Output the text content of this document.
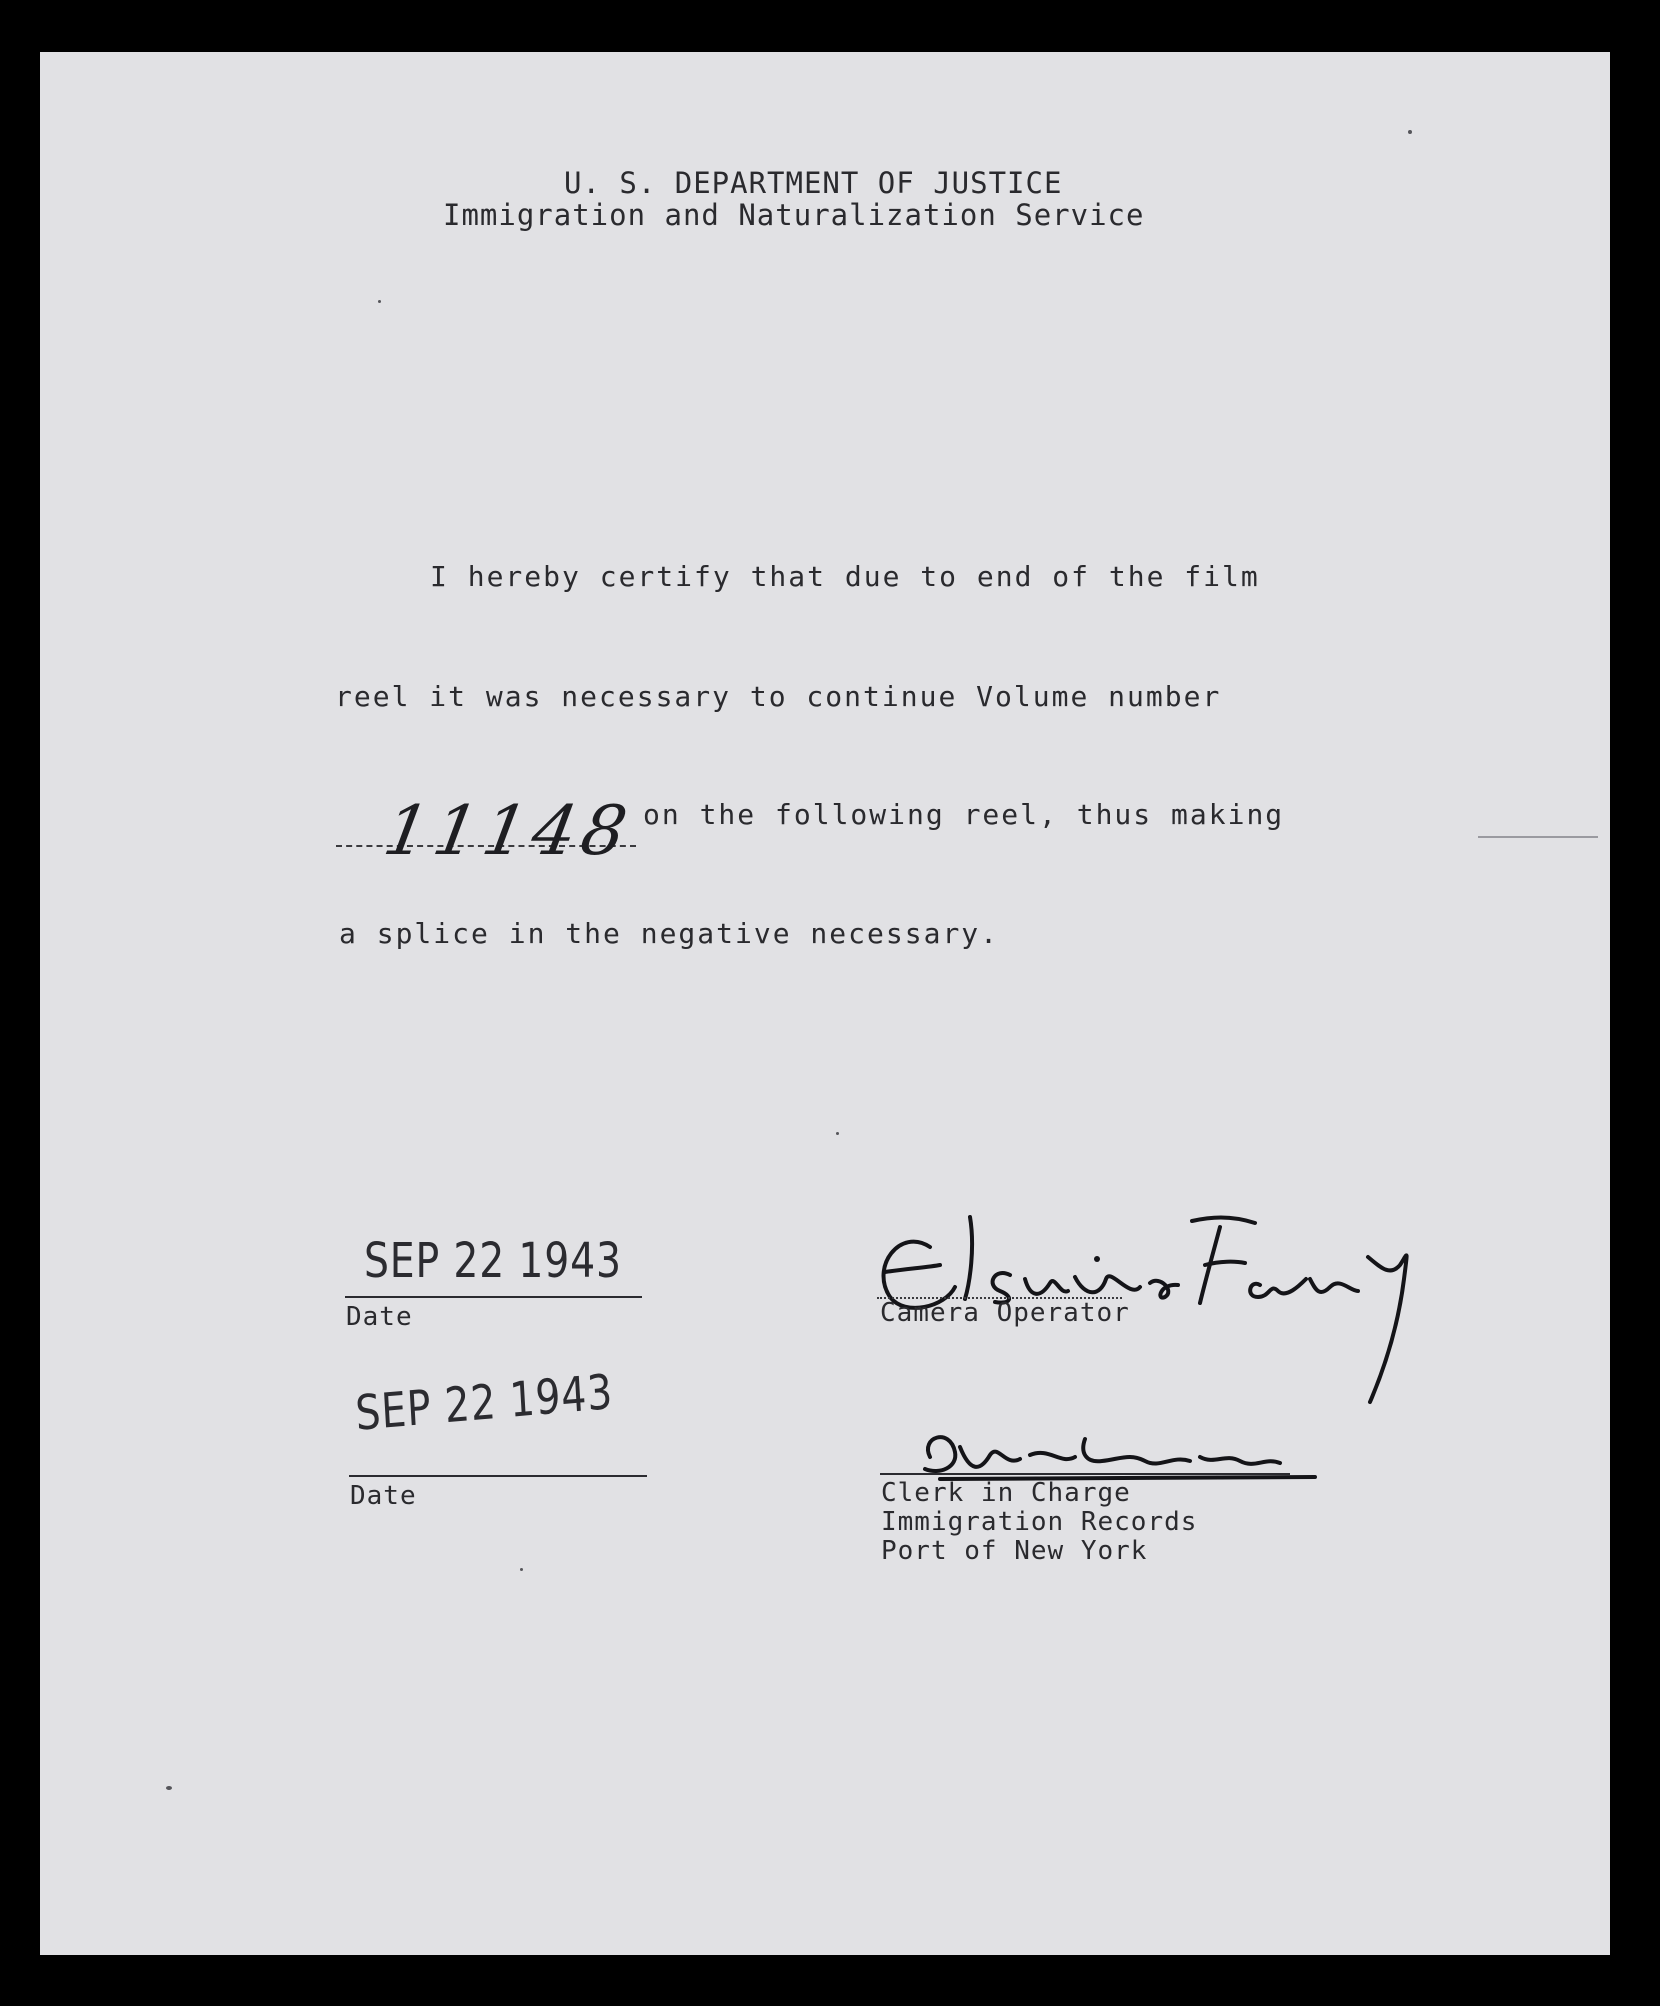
U. S. DEPARTMENT OF JUSTICE
Immigration and Naturalization Service
I hereby certify that due to end of the film
reel it was necessary to continue Volume number
11148 on the following reel, thus making
a splice in the negative necessary.
SEP 22 1943
Date
SEP 22 1943
Date
Camera Operator
Clerk in Charge
Immigration Records
Port of New York
